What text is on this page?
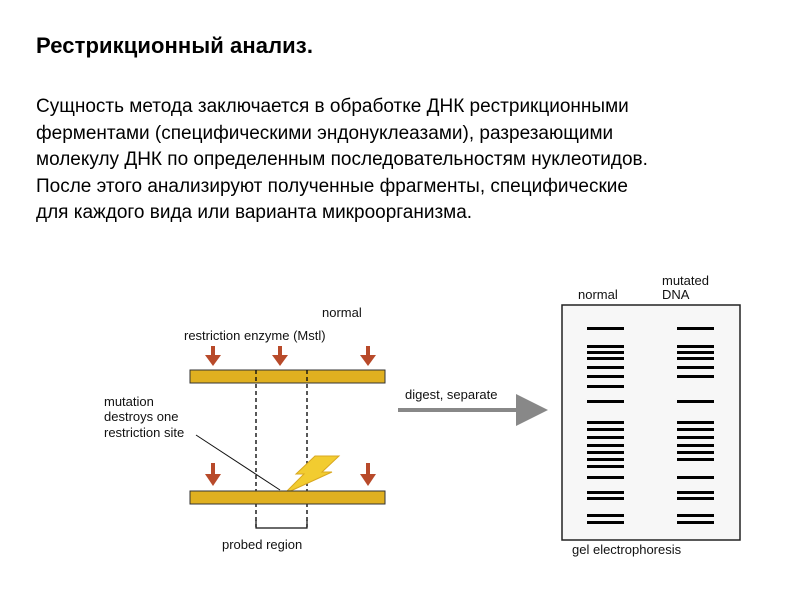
Рестрикционный анализ.
Сущность метода заключается в обработке ДНК рестрикционными
ферментами (специфическими эндонуклеазами), разрезающими
молекулу ДНК по определенным последовательностям нуклеотидов.
После этого анализируют полученные фрагменты, специфические
для каждого вида или варианта микроорганизма.
normal
restriction enzyme (Mstl)
probed region
mutation
destroys one
restriction site
digest, separate
normal
mutated
DNA
gel electrophoresis
